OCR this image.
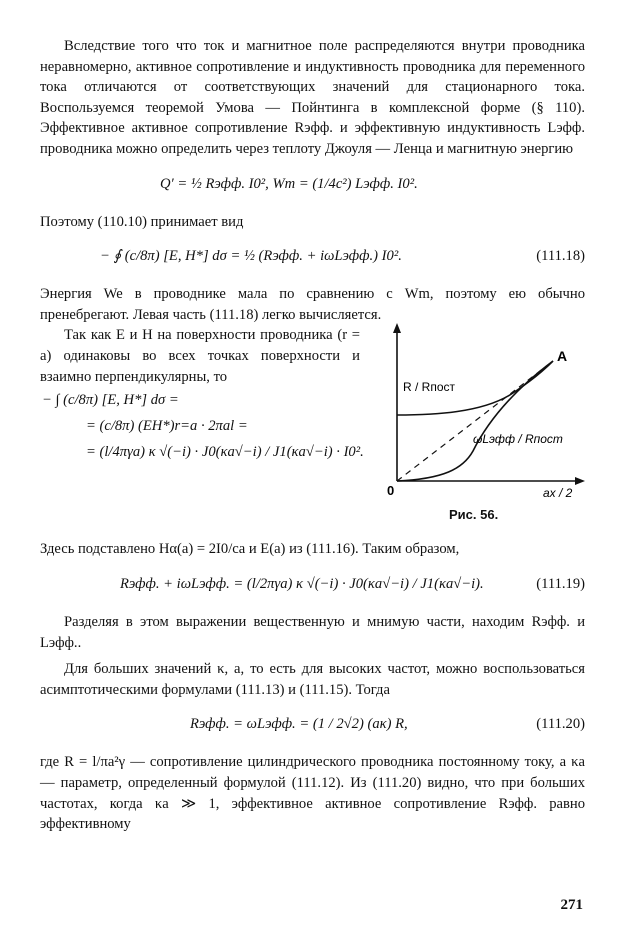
Вследствие того что ток и магнитное поле распределяются внутри проводника неравномерно, активное сопротивление и индуктивность проводника для переменного тока отличаются от соответствующих значений для стационарного тока. Воспользуемся теоремой Умова — Пойнтинга в комплексной форме (§ 110). Эффективное активное сопротивление Rэфф. и эффективную индуктивность Lэфф. проводника можно определить через теплоту Джоуля — Ленца и магнитную энергию

Q′ = ½ Rэфф. I0², Wm = (1/4c²) Lэфф. I0².

Поэтому (110.10) принимает вид

− ∮ (c/8π) [E, H*] dσ = ½ (Rэфф. + iωLэфф.) I0².	(111.18)

Энергия We в проводнике мала по сравнению с Wm, поэтому ею обычно пренебрегают. Левая часть (111.18) легко вычисляется.

A
R / Rпост
ωLэфф / Rпост
0	ax / 2
Рис. 56.

Так как E и H на поверхности проводника (r = a) одинаковы во всех точках поверхности и взаимно перпендикулярны, то

− ∫ (c/8π) [E, H*] dσ =
= (c/8π) (EH*)r=a · 2πal =
= (l/4πγa) κ √(−i) · J0(κa√−i) / J1(κa√−i) · I0².

Здесь подставлено Hα(a) = 2I0/ca и E(a) из (111.16). Таким образом,

Rэфф. + iωLэфф. = (l/2πγa) κ √(−i) · J0(κa√−i) / J1(κa√−i).	(111.19)

Разделяя в этом выражении вещественную и мнимую части, находим Rэфф. и Lэфф..

Для больших значений κ, a, то есть для высоких частот, можно воспользоваться асимптотическими формулами (111.13) и (111.15). Тогда

Rэфф. = ωLэфф. = (1 / 2√2) (aκ) R,	(111.20)

где R = l/πa²γ — сопротивление цилиндрического проводника постоянному току, a κa — параметр, определенный формулой (111.12). Из (111.20) видно, что при больших частотах, когда κa ≫ 1, эффективное активное сопротивление Rэфф. равно эффективному

271
